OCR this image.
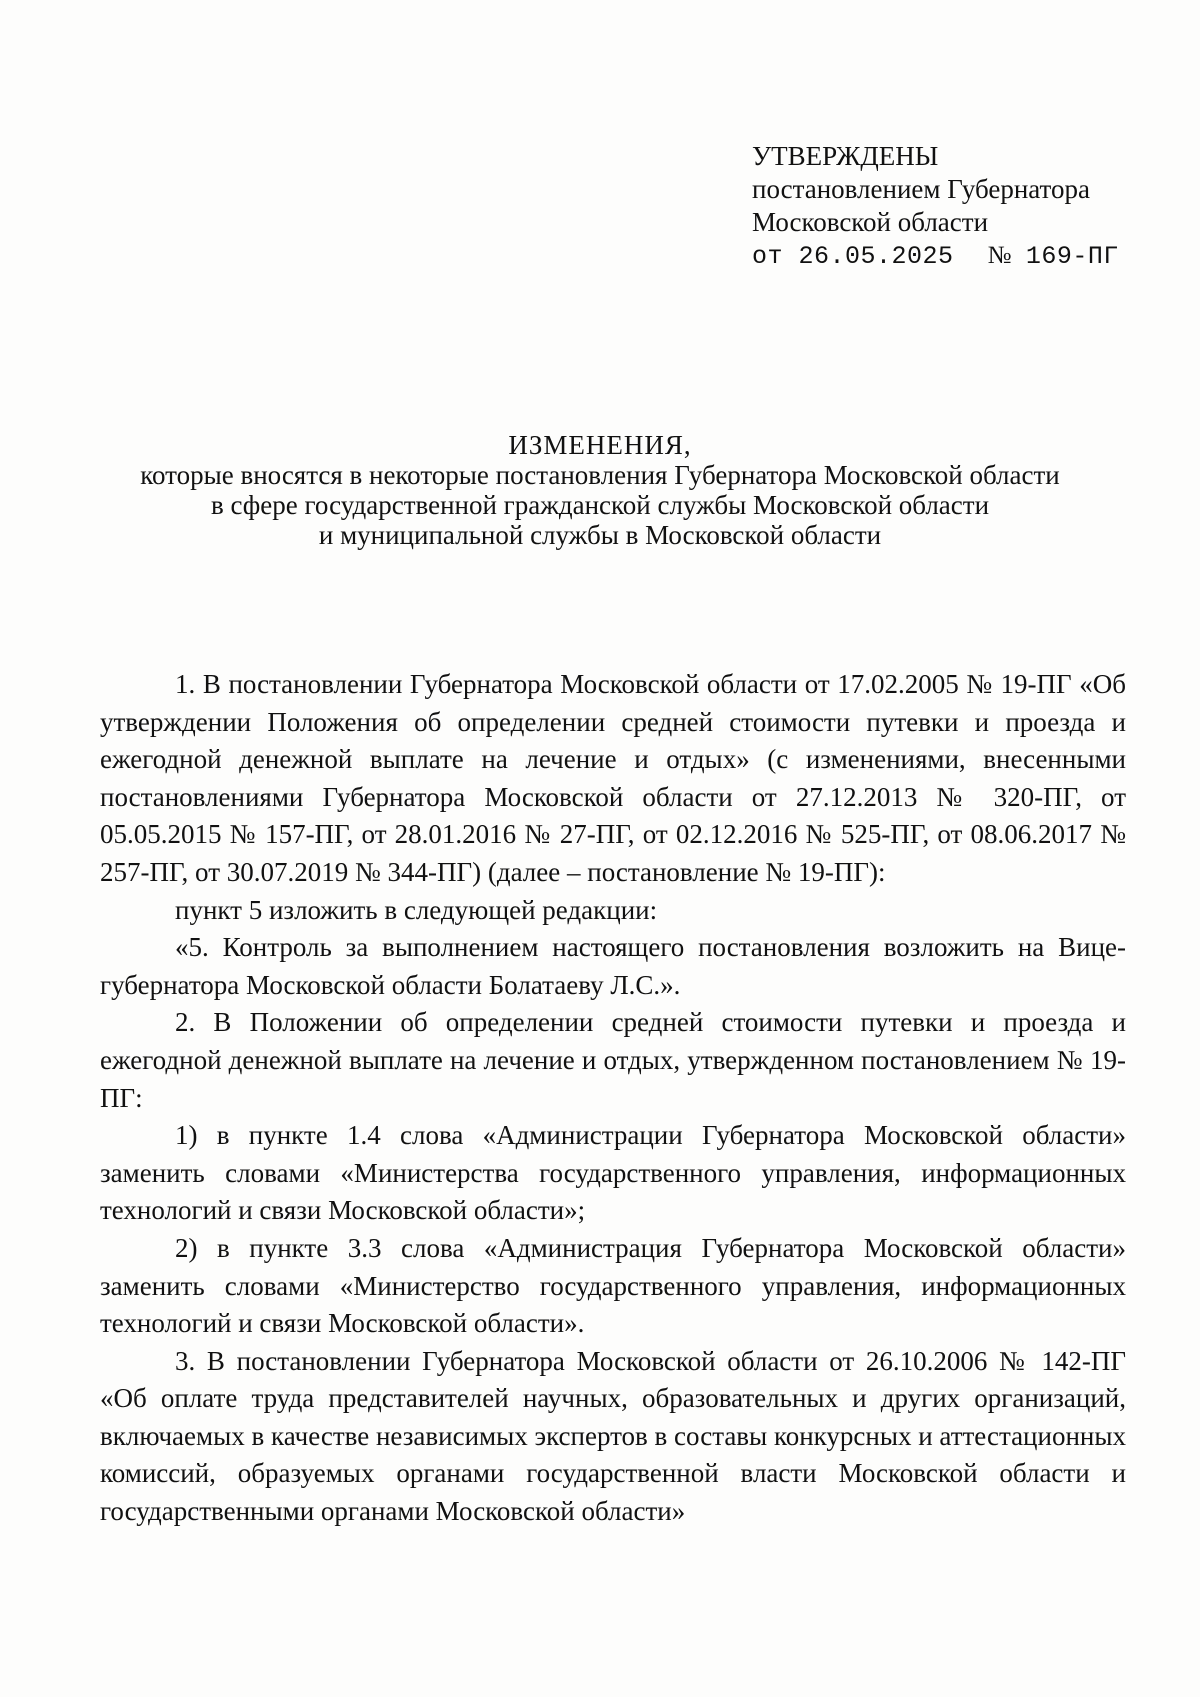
УТВЕРЖДЕНЫ
постановлением Губернатора
Московской области
от 26.05.2025 № 169-ПГ
ИЗМЕНЕНИЯ,
которые вносятся в некоторые постановления Губернатора Московской области
в сфере государственной гражданской службы Московской области
и муниципальной службы в Московской области

1. В постановлении Губернатора Московской области от 17.02.2005 № 19-ПГ «Об утверждении Положения об определении средней стоимости путевки и проезда и ежегодной денежной выплате на лечение и отдых» (с изменениями, внесенными постановлениями Губернатора Московской области от 27.12.2013 № 320-ПГ, от 05.05.2015 № 157-ПГ, от 28.01.2016 № 27-ПГ, от 02.12.2016 № 525-ПГ, от 08.06.2017 № 257-ПГ, от 30.07.2019 № 344-ПГ) (далее – постановление № 19-ПГ):

пункт 5 изложить в следующей редакции:

«5. Контроль за выполнением настоящего постановления возложить на Вице-губернатора Московской области Болатаеву Л.С.».

2. В Положении об определении средней стоимости путевки и проезда и ежегодной денежной выплате на лечение и отдых, утвержденном постановлением № 19-ПГ:

1) в пункте 1.4 слова «Администрации Губернатора Московской области» заменить словами «Министерства государственного управления, информационных технологий и связи Московской области»;

2) в пункте 3.3 слова «Администрация Губернатора Московской области» заменить словами «Министерство государственного управления, информационных технологий и связи Московской области».

3. В постановлении Губернатора Московской области от 26.10.2006 № 142-ПГ «Об оплате труда представителей научных, образовательных и других организаций, включаемых в качестве независимых экспертов в составы конкурсных и аттестационных комиссий, образуемых органами государственной власти Московской области и государственными органами Московской области»
